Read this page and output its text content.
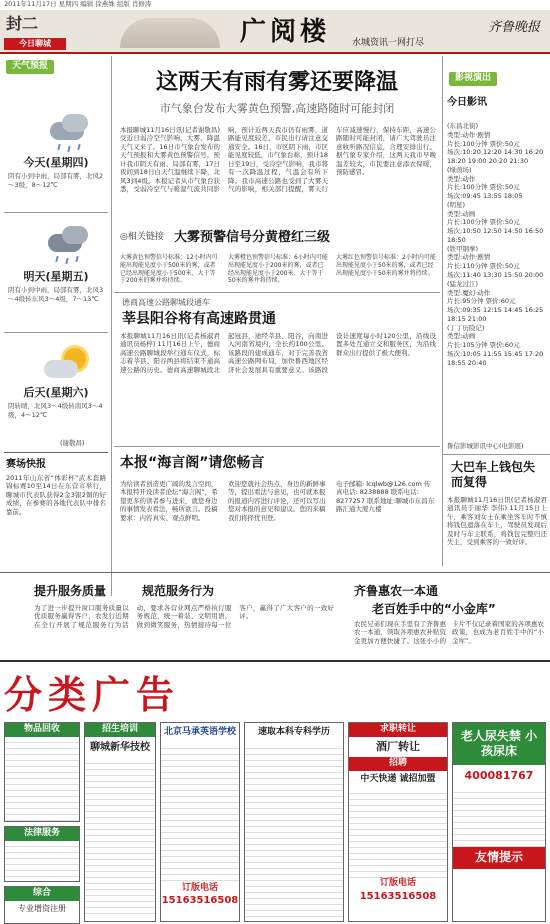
2011年11月17日 星期四 编辑 徐燕姝 组版 肖修涛
封二
今日聊城	广阅楼 水城资讯一网打尽
齐鲁晚报
天气预报
今天(星期四)
阴有小到中雨，局部有雾，北风2～3级，8～12℃
明天(星期五)
阴有小到中雨，局部有雾，北风3～4级转东风3～4级，7～13℃
后天(星期六)
阴转晴，北风3～4级转南风3～4级，4～12℃
(谢敬昌)
赛场快报
2011年山东省“体彩杯”武术套路锦标赛10至14日在东营市举行，聊城市代表队获得2金3银2铜的好成绩，在参赛的各地代表队中排名靠前。
这两天有雨有雾还要降温
市气象台发布大雾黄色预警,高速路随时可能封闭
本报聊城11月16日讯(记者谢敬昌) 受近日弱冷空气影响，大雾、降温天气又来了。16日市气象台发布的天气预报和大雾黄色预警信号，预计我市阴天有雨、局部有雾，17日夜间到18日白天气温继续下降，北风3到4级。本报记者从市气象台获悉，受弱冷空气与暖湿气流共同影响，预计近两天我市仍有雨雾，道路能见度较差，市民出行请注意交通安全。16日，市区阴下雨，市区能见度较低，市气象台称，预计18日至19日，受冷空气影响，我市将有一次降温过程，气温会有所下降。我市高速公路也受到了大雾天气的影响，相关部门提醒，雾天行车应减速慢行，保持车距，高速公路随时可能封闭，请广大驾驶员注意收听路况信息，合理安排出行。据气象专家介绍，这两天我市早晚温差较大，市民要注意添衣保暖，预防感冒。
◎相关链接 大雾预警信号分黄橙红三级
大雾黄色预警信号标准：12小时内可能出现能见度小于500米的雾，或者已经出现能见度小于500米、大于等于200米的雾并将持续。
大雾橙色预警信号标准：6小时内可能出现能见度小于200米的雾，或者已经出现能见度小于200米、大于等于50米的雾并将持续。
大雾红色预警信号标准：2小时内可能出现能见度小于50米的雾，或者已经出现能见度小于50米的雾并将持续。
德商高速公路聊城段通车
莘县阳谷将有高速路贯通
本报聊城11月16日讯(记者杨淑君 通讯员杨梓) 11月16日上午，德商高速公路聊城段举行通车仪式，标志着莘县、阳谷两县将结束不通高速公路的历史。德商高速聊城段北起冠县，途经莘县、阳谷，向南进入河南省境内，全长约100公里。该路段的建成通车，对于完善我省高速公路网布局，加快鲁西地区经济社会发展具有重要意义。该路段设计速度每小时120公里，沿线设置多处互通立交和服务区，为沿线群众出行提供了极大便利。
本报“海言阁”请您畅言
为给读者创造更广阔的发言空间，本报特开设读者论坛“海言阁”，希望更多的读者参与进来，就您身边的事情发表看法，畅所欲言。投稿要求：内容真实、观点鲜明。
欢迎您就社会热点、身边的新鲜事等，提出看法与意见，也可就本报的报道内容进行评论，还可以写出您对本报的意见和建议。您的来稿我们将择优刊登。
电子邮箱: lcqlwb@126.com 传真电话: 8238888 联系电话: 8277257 联系地址:聊城市东昌东路汇通大厦九楼
影视演出
今日影讯
(东昌北街)
类型:动作·剧情
片长:100分钟 票价:50元
场次:10:20 12:20 14:30 16:20 18:20 19:00 20:20 21:30
(绿茵场)
类型:动作
片长:100分钟 票价:50元
场次:09:45 13:55 18:05
(明星)
类型:动画
片长:100分钟 票价:50元
场次:10:50 12:50 14:50 16:50 18:50
(铁甲钢拳)
类型:动作·剧情
片长:110分钟 票价:50元
场次:11:40 13:30 15:50 20:00
(猛龙过江)
类型:魔幻·动作
片长:95分钟 票价:60元
场次:09:35 12:15 14:45 16:25 18:15 21:00
(丁丁历险记)
类型:动画
片长:105分钟 票价:60元
场次:10:05 11:55 15:45 17:20 18:55 20:40
鲁信影城影讯中心(电影展)
大巴车上钱包失而复得
本报聊城11月16日讯(记者杨淑君 通讯员于丽华 李伟) 11月15日上午，乘客刘女士在乘坐客车时不慎将钱包遗落在车上，驾驶员发现后及时与车主联系，将钱包完整归还失主，受到乘客的一致好评。
提升服务质量	规范服务行为
为了进一步提升窗口服务质量以优质服务赢得客户，农发行近期在全行开展了规范服务行为活动，要求各营业网点严格执行服务规范，统一着装、文明用语，做到微笑服务，热情接待每一位客户，赢得了广大客户的一致好评。
齐鲁惠农一本通
老百姓手中的“小金库”
农民兄弟们现在手里有了齐鲁惠农一本通，领取各项惠农补贴资金更加方便快捷了。这张小小的卡片不仅记录着国家的各项惠农政策，也成为老百姓手中的“小金库”。
分类广告
物品回收
法律服务
综合
专业增资注册
招生培训
聊城新华技校
北京马承英语学校
订版电话
15163516508
速取本科专科学历	求职转让
酒厂转让
招聘
中天快递 诚招加盟
订版电话
15163516508
老人尿失禁 小孩尿床
400081767
友情提示
